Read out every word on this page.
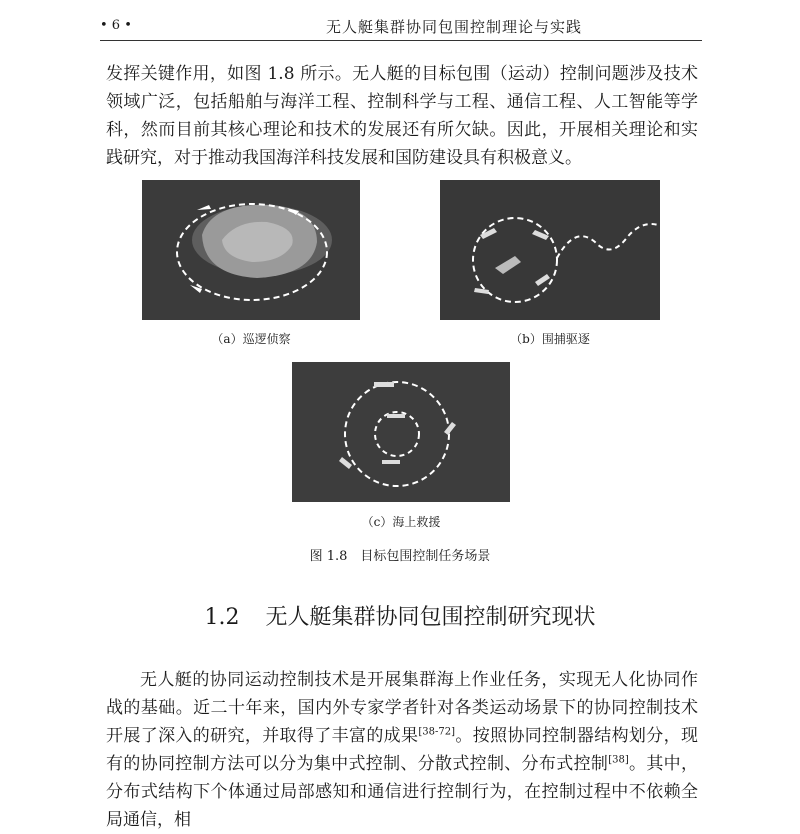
• 6 •	无人艇集群协同包围控制理论与实践

发挥关键作用，如图 1.8 所示。无人艇的目标包围（运动）控制问题涉及技术领域广泛，包括船舶与海洋工程、控制科学与工程、通信工程、人工智能等学科，然而目前其核心理论和技术的发展还有所欠缺。因此，开展相关理论和实践研究，对于推动我国海洋科技发展和国防建设具有积极意义。

（a）巡逻侦察	（b）围捕驱逐
（c）海上救援
图 1.8　目标包围控制任务场景
1.2 无人艇集群协同包围控制研究现状

无人艇的协同运动控制技术是开展集群海上作业任务，实现无人化协同作战的基础。近二十年来，国内外专家学者针对各类运动场景下的协同控制技术开展了深入的研究，并取得了丰富的成果[38-72]。按照协同控制器结构划分，现有的协同控制方法可以分为集中式控制、分散式控制、分布式控制[38]。其中，分布式结构下个体通过局部感知和通信进行控制行为，在控制过程中不依赖全局通信，相
